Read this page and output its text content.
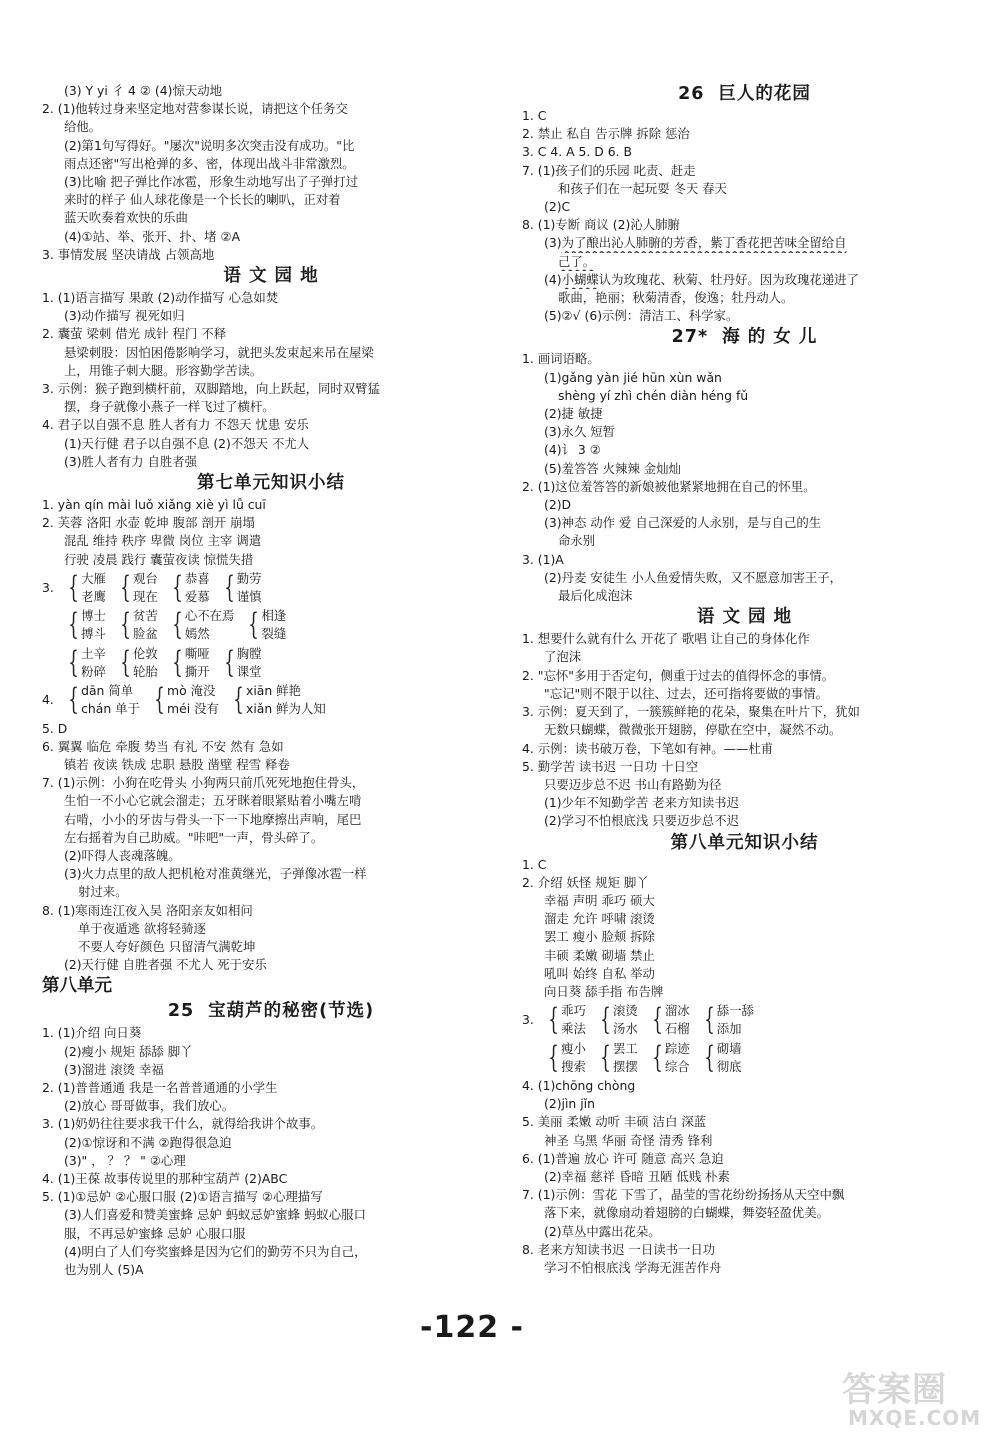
(3) Y yi 彳 4 ② (4)惊天动地
2. (1)他转过身来坚定地对营参谋长说，请把这个任务交
给他。
(2)第1句写得好。"屡次"说明多次突击没有成功。"比
雨点还密"写出枪弹的多、密，体现出战斗非常激烈。
(3)比喻 把子弹比作冰雹，形象生动地写出了子弹打过
来时的样子 仙人球花像是一个长长的喇叭，正对着
蓝天吹奏着欢快的乐曲
(4)①站、举、张开、扑、堵 ②A
3. 事情发展 坚决请战 占领高地
语 文 园 地
1. (1)语言描写 果敢 (2)动作描写 心急如焚
(3)动作描写 视死如归
2. 囊萤 梁刺 借光 成针 程门 不释
悬梁刺股：因怕困倦影响学习，就把头发束起来吊在屋梁
上，用锥子刺大腿。形容勤学苦读。
3. 示例：猴子跑到横杆前，双脚踏地，向上跃起，同时双臂猛
摆，身子就像小燕子一样飞过了横杆。
4. 君子以自强不息 胜人者有力 不怨天 忧患 安乐
(1)天行健 君子以自强不息 (2)不怨天 不尤人
(3)胜人者有力 自胜者强
第七单元知识小结
1. yàn qín mài luǒ xiǎng xiè yì lǚ cuī
2. 芙蓉 洛阳 水壶 乾坤 腹部 剖开 崩塌
混乱 维持 秩序 卑微 岗位 主宰 调遣
行驶 凌晨 践行 囊萤夜读 惊慌失措
3. { 大雁
老鹰 { 观台
现在 { 恭喜
爱慕 { 勤劳
谨慎
{ 博士
搏斗 { 贫苦
脸盆 { 心不在焉
嫣然	{ 相逢
裂缝
{ 土辛
粉碎 { 伦敦
轮胎 { 嘶哑
撕开 { 胸膛
课堂
4. { dān 简单
chán 单于 { mò 淹没
méi 没有 { xiān 鲜艳
xiǎn 鲜为人知
5. D
6. 翼翼 临危 牵腹 势当 有礼 不安 然有 急如
镇若 夜读 铁成 忠职 悬股 凿壁 程雪 释卷
7. (1)示例：小狗在吃骨头 小狗两只前爪死死地抱住骨头，
生怕一不小心它就会溜走；五牙眯着眼紧贴着小嘴左啃
右啃，小小的牙齿与骨头一下一下地摩擦出声响，尾巴
左右摇着为自己助威。"咔吧"一声，骨头碎了。
(2)吓得人丧魂落魄。
(3)火力点里的敌人把机枪对准黄继光，子弹像冰雹一样
射过来。
8. (1)寒雨连江夜入吴 洛阳亲友如相问
单于夜遁逃 欲将轻骑逐
不要人夸好颜色 只留清气满乾坤
(2)天行健 自胜者强 不尤人 死于安乐
第八单元
25 宝葫芦的秘密(节选)
1. (1)介绍 向日葵
(2)瘦小 规矩 舔舔 脚丫
(3)溜进 滚烫 幸福
2. (1)普普通通 我是一名普普通通的小学生
(2)放心 哥哥做事，我们放心。
3. (1)奶奶往往要求我干什么，就得给我讲个故事。
(2)①惊讶和不满 ②跑得很急迫
(3)" ， ？ ？ " ②心理
4. (1)王葆 故事传说里的那种宝葫芦 (2)ABC
5. (1)①忌妒 ②心服口服 (2)①语言描写 ②心理描写
(3)人们喜爱和赞美蜜蜂 忌妒 蚂蚁忌妒蜜蜂 蚂蚁心服口
服，不再忌妒蜜蜂 忌妒 心服口服
(4)明白了人们夸奖蜜蜂是因为它们的勤劳不只为自己，
也为别人 (5)A
26 巨人的花园
1. C
2. 禁止 私自 告示牌 拆除 惩治
3. C 4. A 5. D 6. B
7. (1)孩子们的乐园 叱责、赶走
和孩子们在一起玩耍 冬天 春天
(2)C
8. (1)专断 商议 (2)沁人肺腑
(3)为了酿出沁人肺腑的芳香，紫丁香花把苦味全留给自
己了。
(4)小蝴蝶认为玫瑰花、秋菊、牡丹好。因为玫瑰花递进了
歌曲，艳丽；秋菊清香，俊逸；牡丹动人。
(5)②√ (6)示例：清洁工、科学家。
27* 海 的 女 儿
1. 画词语略。
(1)gǎng yàn jié hūn xùn wǎn
shèng yí zhì chén diàn héng fǔ
(2)捷 敏捷
(3)永久 短暂
(4)讠 3 ②
(5)羞答答 火辣辣 金灿灿
2. (1)这位羞答答的新娘被他紧紧地拥在自己的怀里。
(2)D
(3)神态 动作 爱 自己深爱的人永别，是与自己的生
命永别
3. (1)A
(2)丹麦 安徒生 小人鱼爱情失败，又不愿意加害王子，
最后化成泡沫
语 文 园 地
1. 想要什么就有什么 开花了 歌唱 让自己的身体化作
了泡沫
2. "忘怀"多用于否定句，侧重于过去的值得怀念的事情。
"忘记"则不限于以往、过去，还可指将要做的事情。
3. 示例：夏天到了，一簇簇鲜艳的花朵，聚集在叶片下，犹如
无数只蝴蝶，微微张开翅膀，停歇在空中，凝然不动。
4. 示例：读书破万卷，下笔如有神。——杜甫
5. 勤学苦 读书迟 一日功 十日空
只要迈步总不迟 书山有路勤为径
(1)少年不知勤学苦 老来方知读书迟
(2)学习不怕根底浅 只要迈步总不迟
第八单元知识小结
1. C
2. 介绍 妖怪 规矩 脚丫
幸福 声明 乖巧 硕大
溜走 允许 呼啸 滚烫
罢工 瘦小 脸颊 拆除
丰硕 柔嫩 砌墙 禁止
吼叫 始终 自私 举动
向日葵 舔手指 布告牌
3. { 乖巧
乘法 { 滚烫
汤水 { 溜冰
石榴 { 舔一舔
添加
{ 瘦小
搜索 { 罢工
摆摆 { 踪迹
综合 { 砌墙
彻底
4. (1)chōng chòng
(2)jìn jǐn
5. 美丽 柔嫩 动听 丰硕 洁白 深蓝
神圣 乌黑 华丽 奇怪 清秀 锋利
6. (1)普遍 放心 许可 随意 高兴 急迫
(2)幸福 慈祥 昏暗 丑陋 低贱 朴素
7. (1)示例：雪花 下雪了，晶莹的雪花纷纷扬扬从天空中飘
落下来，就像扇动着翅膀的白蝴蝶，舞姿轻盈优美。
(2)草丛中露出花朵。
8. 老来方知读书迟 一日读书一日功
学习不怕根底浅 学海无涯苦作舟
-122 -
答案圈
MXQE.COM
